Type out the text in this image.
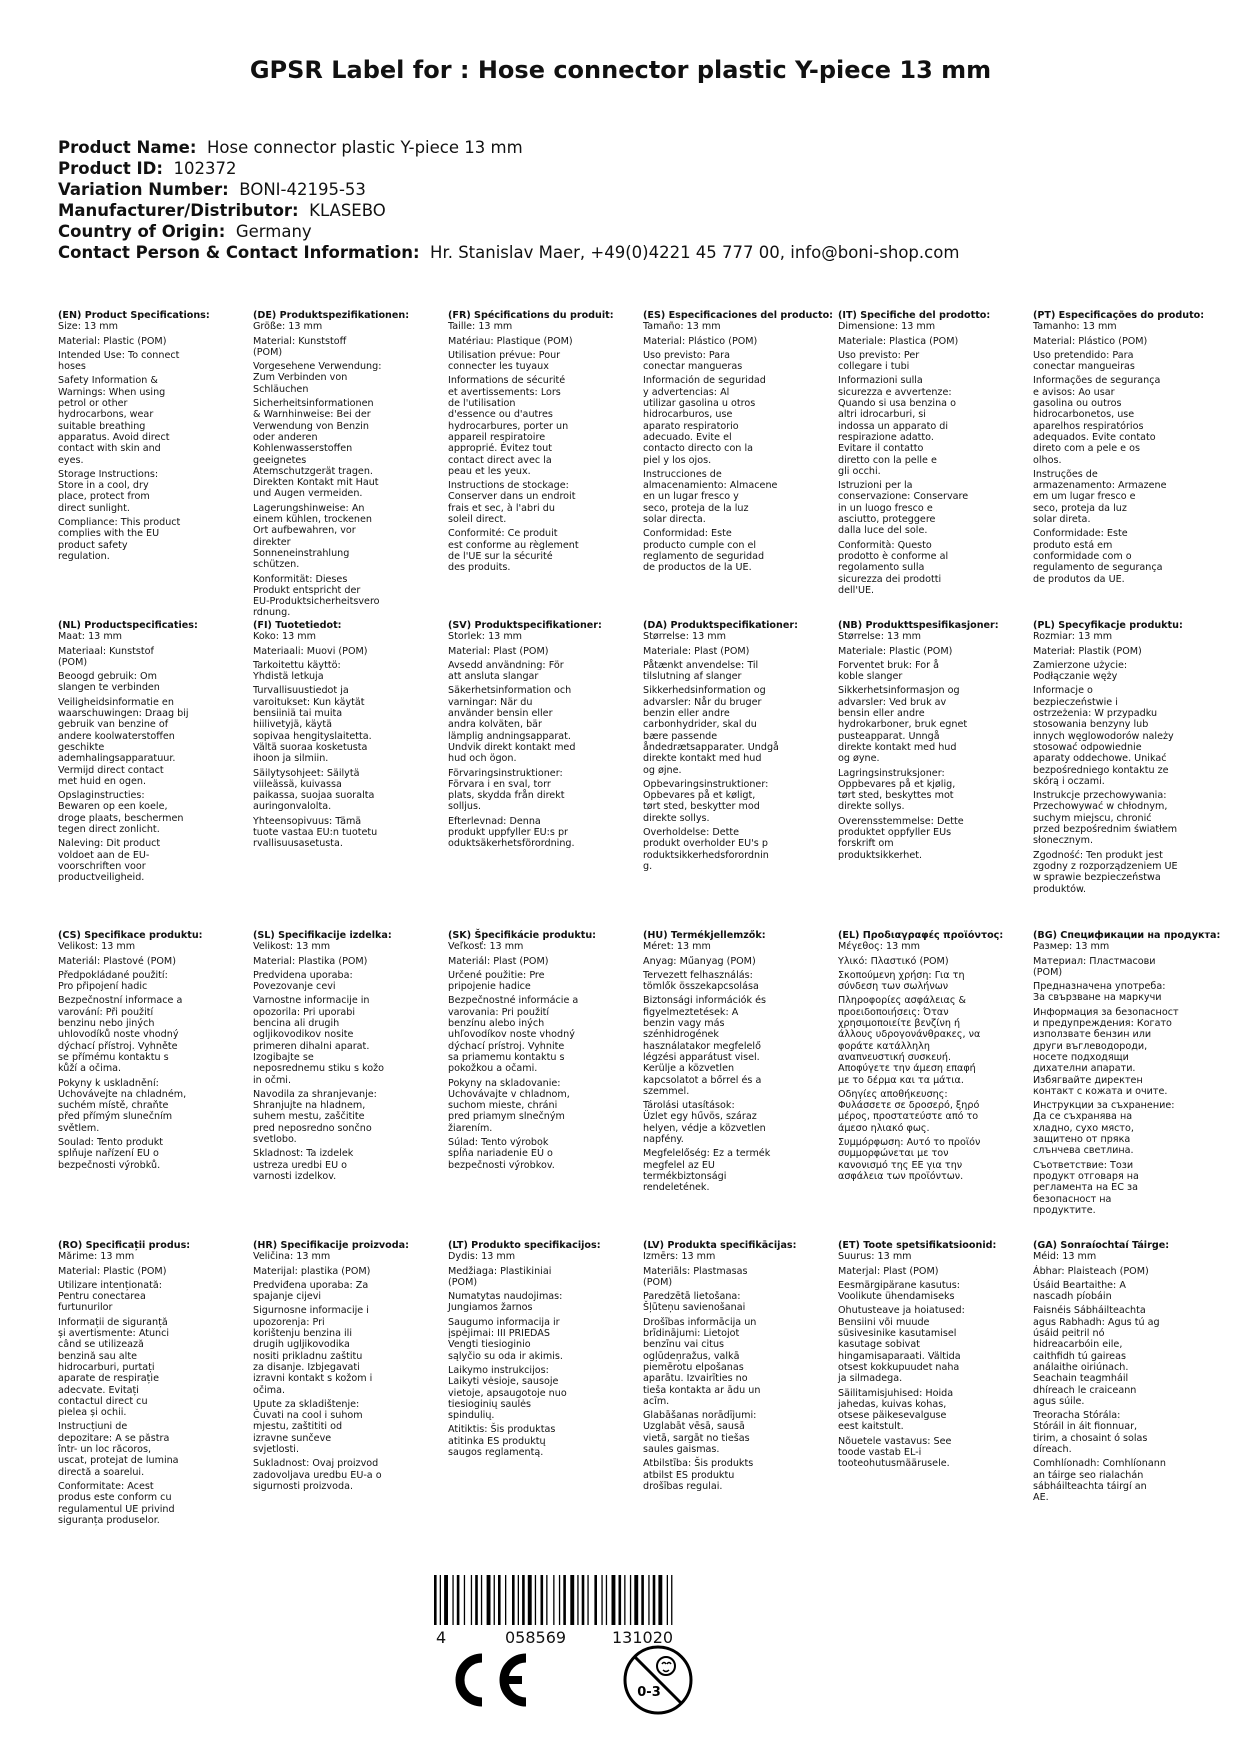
GPSR Label for : Hose connector plastic Y-piece 13 mm
Product Name: Hose connector plastic Y-piece 13 mm
Product ID: 102372
Variation Number: BONI-42195-53
Manufacturer/Distributor: KLASEBO
Country of Origin: Germany
Contact Person & Contact Information: Hr. Stanislav Maer, +49(0)4221 45 777 00, info@boni-shop.com
(EN) Product Specifications:
Size: 13 mm
Material: Plastic (POM)
Intended Use: To connect
hoses
Safety Information &
Warnings: When using
petrol or other
hydrocarbons, wear
suitable breathing
apparatus. Avoid direct
contact with skin and
eyes.
Storage Instructions:
Store in a cool, dry
place, protect from
direct sunlight.
Compliance: This product
complies with the EU
product safety
regulation.
(DE) Produktspezifikationen:
Größe: 13 mm
Material: Kunststoff
(POM)
Vorgesehene Verwendung:
Zum Verbinden von
Schläuchen
Sicherheitsinformationen
& Warnhinweise: Bei der
Verwendung von Benzin
oder anderen
Kohlenwasserstoffen
geeignetes
Atemschutzgerät tragen.
Direkten Kontakt mit Haut
und Augen vermeiden.
Lagerungshinweise: An
einem kühlen, trockenen
Ort aufbewahren, vor
direkter
Sonneneinstrahlung
schützen.
Konformität: Dieses
Produkt entspricht der
EU-Produktsicherheitsvero
rdnung.
(FR) Spécifications du produit:
Taille: 13 mm
Matériau: Plastique (POM)
Utilisation prévue: Pour
connecter les tuyaux
Informations de sécurité
et avertissements: Lors
de l'utilisation
d'essence ou d'autres
hydrocarbures, porter un
appareil respiratoire
approprié. Évitez tout
contact direct avec la
peau et les yeux.
Instructions de stockage:
Conserver dans un endroit
frais et sec, à l'abri du
soleil direct.
Conformité: Ce produit
est conforme au règlement
de l'UE sur la sécurité
des produits.
(ES) Especificaciones del producto:
Tamaño: 13 mm
Material: Plástico (POM)
Uso previsto: Para
conectar mangueras
Información de seguridad
y advertencias: Al
utilizar gasolina u otros
hidrocarburos, use
aparato respiratorio
adecuado. Evite el
contacto directo con la
piel y los ojos.
Instrucciones de
almacenamiento: Almacene
en un lugar fresco y
seco, proteja de la luz
solar directa.
Conformidad: Este
producto cumple con el
reglamento de seguridad
de productos de la UE.
(IT) Specifiche del prodotto:
Dimensione: 13 mm
Materiale: Plastica (POM)
Uso previsto: Per
collegare i tubi
Informazioni sulla
sicurezza e avvertenze:
Quando si usa benzina o
altri idrocarburi, si
indossa un apparato di
respirazione adatto.
Evitare il contatto
diretto con la pelle e
gli occhi.
Istruzioni per la
conservazione: Conservare
in un luogo fresco e
asciutto, proteggere
dalla luce del sole.
Conformità: Questo
prodotto è conforme al
regolamento sulla
sicurezza dei prodotti
dell'UE.
(PT) Especificações do produto:
Tamanho: 13 mm
Material: Plástico (POM)
Uso pretendido: Para
conectar mangueiras
Informações de segurança
e avisos: Ao usar
gasolina ou outros
hidrocarbonetos, use
aparelhos respiratórios
adequados. Evite contato
direto com a pele e os
olhos.
Instruções de
armazenamento: Armazene
em um lugar fresco e
seco, proteja da luz
solar direta.
Conformidade: Este
produto está em
conformidade com o
regulamento de segurança
de produtos da UE.
(NL) Productspecificaties:
Maat: 13 mm
Materiaal: Kunststof
(POM)
Beoogd gebruik: Om
slangen te verbinden
Veiligheidsinformatie en
waarschuwingen: Draag bij
gebruik van benzine of
andere koolwaterstoffen
geschikte
ademhalingsapparatuur.
Vermijd direct contact
met huid en ogen.
Opslaginstructies:
Bewaren op een koele,
droge plaats, beschermen
tegen direct zonlicht.
Naleving: Dit product
voldoet aan de EU-
voorschriften voor
productveiligheid.
(FI) Tuotetiedot:
Koko: 13 mm
Materiaali: Muovi (POM)
Tarkoitettu käyttö:
Yhdistä letkuja
Turvallisuustiedot ja
varoitukset: Kun käytät
bensiiniä tai muita
hiilivetyjä, käytä
sopivaa hengityslaitetta.
Vältä suoraa kosketusta
ihoon ja silmiin.
Säilytysohjeet: Säilytä
viileässä, kuivassa
paikassa, suojaa suoralta
auringonvalolta.
Yhteensopivuus: Tämä
tuote vastaa EU:n tuotetu
rvallisuusasetusta.
(SV) Produktspecifikationer:
Storlek: 13 mm
Material: Plast (POM)
Avsedd användning: För
att ansluta slangar
Säkerhetsinformation och
varningar: När du
använder bensin eller
andra kolväten, bär
lämplig andningsapparat.
Undvik direkt kontakt med
hud och ögon.
Förvaringsinstruktioner:
Förvara i en sval, torr
plats, skydda från direkt
solljus.
Efterlevnad: Denna
produkt uppfyller EU:s pr
oduktsäkerhetsförordning.
(DA) Produktspecifikationer:
Størrelse: 13 mm
Materiale: Plast (POM)
Påtænkt anvendelse: Til
tilslutning af slanger
Sikkerhedsinformation og
advarsler: Når du bruger
benzin eller andre
carbonhydrider, skal du
bære passende
åndedrætsapparater. Undgå
direkte kontakt med hud
og øjne.
Opbevaringsinstruktioner:
Opbevares på et køligt,
tørt sted, beskytter mod
direkte sollys.
Overholdelse: Dette
produkt overholder EU's p
roduktsikkerhedsforordnin
g.
(NB) Produkttspesifikasjoner:
Størrelse: 13 mm
Materiale: Plastic (POM)
Forventet bruk: For å
koble slanger
Sikkerhetsinformasjon og
advarsler: Ved bruk av
bensin eller andre
hydrokarboner, bruk egnet
pusteapparat. Unngå
direkte kontakt med hud
og øyne.
Lagringsinstruksjoner:
Oppbevares på et kjølig,
tørt sted, beskyttes mot
direkte sollys.
Overensstemmelse: Dette
produktet oppfyller EUs
forskrift om
produktsikkerhet.
(PL) Specyfikacje produktu:
Rozmiar: 13 mm
Materiał: Plastik (POM)
Zamierzone użycie:
Podłączanie węży
Informacje o
bezpieczeństwie i
ostrzeżenia: W przypadku
stosowania benzyny lub
innych węglowodorów należy
stosować odpowiednie
aparaty oddechowe. Unikać
bezpośredniego kontaktu ze
skórą i oczami.
Instrukcje przechowywania:
Przechowywać w chłodnym,
suchym miejscu, chronić
przed bezpośrednim światłem
słonecznym.
Zgodność: Ten produkt jest
zgodny z rozporządzeniem UE
w sprawie bezpieczeństwa
produktów.
(CS) Specifikace produktu:
Velikost: 13 mm
Materiál: Plastové (POM)
Předpokládané použití:
Pro připojení hadic
Bezpečnostní informace a
varování: Při použití
benzinu nebo jiných
uhlovodíků noste vhodný
dýchací přístroj. Vyhněte
se přímému kontaktu s
kůží a očima.
Pokyny k uskladnění:
Uchovávejte na chladném,
suchém místě, chraňte
před přímým slunečním
světlem.
Soulad: Tento produkt
splňuje nařízení EU o
bezpečnosti výrobků.
(SL) Specifikacije izdelka:
Velikost: 13 mm
Material: Plastika (POM)
Predvidena uporaba:
Povezovanje cevi
Varnostne informacije in
opozorila: Pri uporabi
bencina ali drugih
ogljikovodikov nosite
primeren dihalni aparat.
Izogibajte se
neposrednemu stiku s kožo
in očmi.
Navodila za shranjevanje:
Shranjujte na hladnem,
suhem mestu, zaščitite
pred neposredno sončno
svetlobo.
Skladnost: Ta izdelek
ustreza uredbi EU o
varnosti izdelkov.
(SK) Špecifikácie produktu:
Veľkosť: 13 mm
Materiál: Plast (POM)
Určené použitie: Pre
pripojenie hadice
Bezpečnostné informácie a
varovania: Pri použití
benzínu alebo iných
uhľovodíkov noste vhodný
dýchací prístroj. Vyhnite
sa priamemu kontaktu s
pokožkou a očami.
Pokyny na skladovanie:
Uchovávajte v chladnom,
suchom mieste, chráni
pred priamym slnečným
žiarením.
Súlad: Tento výrobok
spĺňa nariadenie EÚ o
bezpečnosti výrobkov.
(HU) Termékjellemzők:
Méret: 13 mm
Anyag: Műanyag (POM)
Tervezett felhasználás:
tömlők összekapcsolása
Biztonsági információk és
figyelmeztetések: A
benzin vagy más
szénhidrogének
használatakor megfelelő
légzési apparátust visel.
Kerülje a közvetlen
kapcsolatot a bőrrel és a
szemmel.
Tárolási utasítások:
Üzlet egy hűvös, száraz
helyen, védje a közvetlen
napfény.
Megfelelőség: Ez a termék
megfelel az EU
termékbiztonsági
rendeletének.
(EL) Προδιαγραφές προϊόντος:
Μέγεθος: 13 mm
Υλικό: Πλαστικό (POM)
Σκοπούμενη χρήση: Για τη
σύνδεση των σωλήνων
Πληροφορίες ασφάλειας &
προειδοποιήσεις: Όταν
χρησιμοποιείτε βενζίνη ή
άλλους υδρογονάνθρακες, να
φοράτε κατάλληλη
αναπνευστική συσκευή.
Αποφύγετε την άμεση επαφή
με το δέρμα και τα μάτια.
Οδηγίες αποθήκευσης:
Φυλάσσετε σε δροσερό, ξηρό
μέρος, προστατεύστε από το
άμεσο ηλιακό φως.
Συμμόρφωση: Αυτό το προϊόν
συμμορφώνεται με τον
κανονισμό της ΕΕ για την
ασφάλεια των προϊόντων.
(BG) Спецификации на продукта:
Размер: 13 mm
Материал: Пластмасови
(POM)
Предназначена употреба:
За свързване на маркучи
Информация за безопасност
и предупреждения: Когато
използвате бензин или
други въглеводороди,
носете подходящи
дихателни апарати.
Избягвайте директен
контакт с кожата и очите.
Инструкции за съхранение:
Да се съхранява на
хладно, сухо място,
защитено от пряка
слънчева светлина.
Съответствие: Този
продукт отговаря на
регламента на ЕС за
безопасност на
продуктите.
(RO) Specificații produs:
Mărime: 13 mm
Material: Plastic (POM)
Utilizare intenționată:
Pentru conectarea
furtunurilor
Informații de siguranță
și avertismente: Atunci
când se utilizează
benzină sau alte
hidrocarburi, purtați
aparate de respirație
adecvate. Evitați
contactul direct cu
pielea și ochii.
Instrucțiuni de
depozitare: A se păstra
într- un loc răcoros,
uscat, protejat de lumina
directă a soarelui.
Conformitate: Acest
produs este conform cu
regulamentul UE privind
siguranța produselor.
(HR) Specifikacije proizvoda:
Veličina: 13 mm
Materijal: plastika (POM)
Predviđena uporaba: Za
spajanje cijevi
Sigurnosne informacije i
upozorenja: Pri
korištenju benzina ili
drugih ugljikovodika
nositi prikladnu zaštitu
za disanje. Izbjegavati
izravni kontakt s kožom i
očima.
Upute za skladištenje:
Čuvati na cool i suhom
mjestu, zaštititi od
izravne sunčeve
svjetlosti.
Sukladnost: Ovaj proizvod
zadovoljava uredbu EU-a o
sigurnosti proizvoda.
(LT) Produkto specifikacijos:
Dydis: 13 mm
Medžiaga: Plastikiniai
(POM)
Numatytas naudojimas:
Jungiamos žarnos
Saugumo informacija ir
įspėjimai: III PRIEDAS
Vengti tiesioginio
sąlyčio su oda ir akimis.
Laikymo instrukcijos:
Laikyti vėsioje, sausoje
vietoje, apsaugotoje nuo
tiesioginių saulės
spindulių.
Atitiktis: Šis produktas
atitinka ES produktų
saugos reglamentą.
(LV) Produkta specifikācijas:
Izmērs: 13 mm
Materiāls: Plastmasas
(POM)
Paredzētā lietošana:
Šļūteņu savienošanai
Drošības informācija un
brīdinājumi: Lietojot
benzīnu vai citus
ogļūdeņražus, valkā
piemērotu elpošanas
aparātu. Izvairīties no
tieša kontakta ar ādu un
acīm.
Glabāšanas norādījumi:
Uzglabāt vēsā, sausā
vietā, sargāt no tiešas
saules gaismas.
Atbilstība: Šis produkts
atbilst ES produktu
drošības regulai.
(ET) Toote spetsifikatsioonid:
Suurus: 13 mm
Materjal: Plast (POM)
Eesmärgipärane kasutus:
Voolikute ühendamiseks
Ohutusteave ja hoiatused:
Bensiini või muude
süsivesinike kasutamisel
kasutage sobivat
hingamisaparaati. Vältida
otsest kokkupuudet naha
ja silmadega.
Säilitamisjuhised: Hoida
jahedas, kuivas kohas,
otsese päikesevalguse
eest kaitstult.
Nõuetele vastavus: See
toode vastab EL-i
tooteohutusmäärusele.
(GA) Sonraíochtaí Táirge:
Méid: 13 mm
Ábhar: Plaisteach (POM)
Úsáid Beartaithe: A
nascadh píobáin
Faisnéis Sábháilteachta
agus Rabhadh: Agus tú ag
úsáid peitril nó
hidreacarbóin eile,
caithfidh tú gaireas
análaithe oiriúnach.
Seachain teagmháil
dhíreach le craiceann
agus súile.
Treoracha Stórála:
Stóráil in áit fionnuar,
tirim, a chosaint ó solas
díreach.
Comhlíonadh: Comhlíonann
an táirge seo rialachán
sábháilteachta táirgí an
AE.
4	058569	131020
0-3
